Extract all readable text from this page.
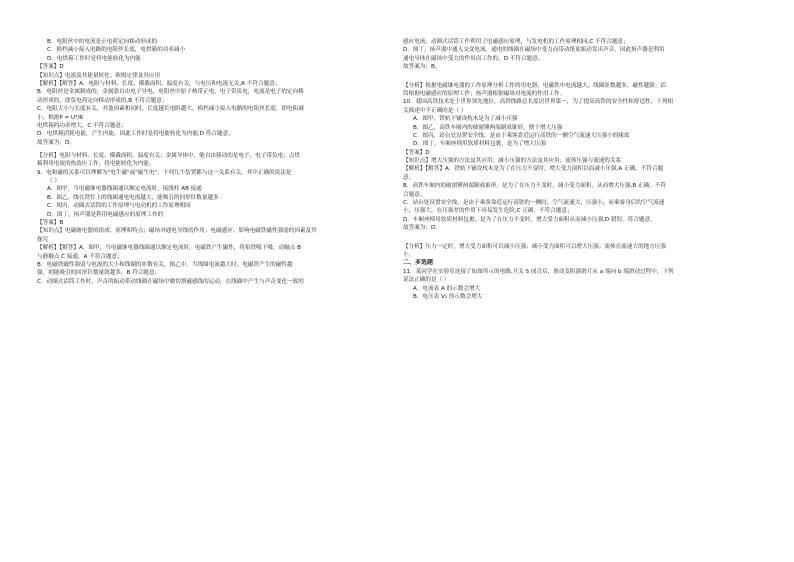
B．电阻丝中的电流是正电荷定向移动形成的
C．换档减小接入电路的电阻丝长度，电烘箱的功率减小
D．电烘箱工作时是将电能转化为内能
【答案】D
【知识点】电流及其能量转化；欧姆定律及其应用
【解析】【解答】A．电阻与材料、长度、横截面积、温度有关，与电压和电流无关,A 不符合题意；
B．电阻丝是金属制成的，金属靠自由电子导电，电阻丝中原子核带正电，电子带负电，电流是电子的定向移
动形成的，即负电荷定向移动形成的,B 不符合题意；
C．电阻大小与长度有关，其他因素相同时，长度越长电阻越大，换档减小接入电路的电阻丝长度，即电阻减
小，根据P = U²/R
电烘箱的功率增大，C 不符合题意；
D．电烘箱消耗电能，产生内能，因此工作时是将电能转化为内能,D 符合题意。
故答案为：D。
【分析】电阻与材料、长度、横截面积、温度有关；金属导体中，能自由移动的是电子，电子带负电；点烘
箱利用电流的热效应工作，将电能转化为内能。
9．电和磁的关系可以理解为"电生磁"或"磁生电"，下列几个装置都与这一关系有关，其中正确的说法是
（ ）
A．图甲，当电磁继电器线圈通以额定电流时，接线柱 AB 接通
B．图乙，线在铁钉上的线圈通电电流越大，能吸引的回形针数量越多
C．图丙，动圈式话筒的工作原理与电动机的工作原理相同
D．图丁，扬声器是利用电磁感应的原理工作的
【答案】B
【知识点】电磁继电器的组成、原理和特点；磁场对通电导线的作用；电磁感应；影响电磁铁磁性强弱的因素及其
探究
【解析】【解答】A．图甲，当电磁继电器线圈通以额定电流时，电磁铁产生磁性，将衔铁吸下吸，动触点 B
与静触点 C 接通，A 不符合题意；
B．电磁铁磁性强弱与电流的大小和线圈的匝数有关，图乙中，当线圈电流越大时，电磁铁产生的磁性越
强，则能吸引的回形针数量就越多，B 符合题意；
C．动圈式话筒工作时，声音的振动带动线圈在磁场中做切割磁感线的运动，在线圈中产生与声音变化一致的
感应电流，动圈式话筒工作利用了电磁感应原理，与发电机的工作原理相同,C 不符合题意；
D．图丁，扬声器中通入交变电流，通电的线圈在磁场中受力而带动纸盆振动发出声音，因此扬声器是利用
通电导体在磁场中受力的作用而工作的，D 不符合题意。
故答案为：B。
【分析】根据电磁继电器的工作原理分析工作的用电器；电磁铁中电流越大，线圈匝数越多，磁性越强；话
筒根据电磁感应的原理工作；扬声器根据磁场对电流的作用工作。
10．我国高铁技术处于世界领先地位，高铁线路总长度居世界第一，为了提高高铁的安全性和舒适性，下列相
关描述中不正确的是（ ）
A．图甲，铁轨下铺设枕木是为了减小压强
B．图乙，高铁车厢内的破窗锤两端制成锥形，便于增大压强
C．图丙，站台处设置安全线，是由于乘客靠近运行高铁的一侧空气流速大压强小的缘故
D．图丁，车厢座椅用软质材料包裹，是为了增大压强
【答案】D
【知识点】增大压强的方法及其应用；减小压强的方法及其应用；流体压强与流速的关系
【解析】【解答】A．铁轨下铺设枕木是为了在压力不变时，增大受力面积以而减小压强,A 正确，不符合题
意；
B．高铁车厢内的破窗锤两端制成锥形，是为了在压力不变时，减小受力面积，从而增大压强,B 正确，不符
合题意；
C．站台处设置安全线，是由于乘客靠近运行高铁的一侧时，空气流速大，压强小，而乘客身后的空气流速
小，压强大，在压强差的作用下容易发生危险,C 正确，不符合题意；
D．车厢座椅用软质材料包裹，是为了在压力不变时，增大受力面积从而减小压强,D 错误，符合题意。
故答案为：D。
【分析】压力一定时，增大受力面积可以减小压强；减小受力面积可以增大压强；流体在流速大的地方压强
小。
二、多选题
11．某同学在实验室连接了如图所示的电路,开关 S 闭合后，滑动变阻器滑片从 a 端向 b 端滑动过程中，下列
说法正确的是（ ）
A．电流表 A 的示数会增大
B．电压表 V₂ 的示数会增大
